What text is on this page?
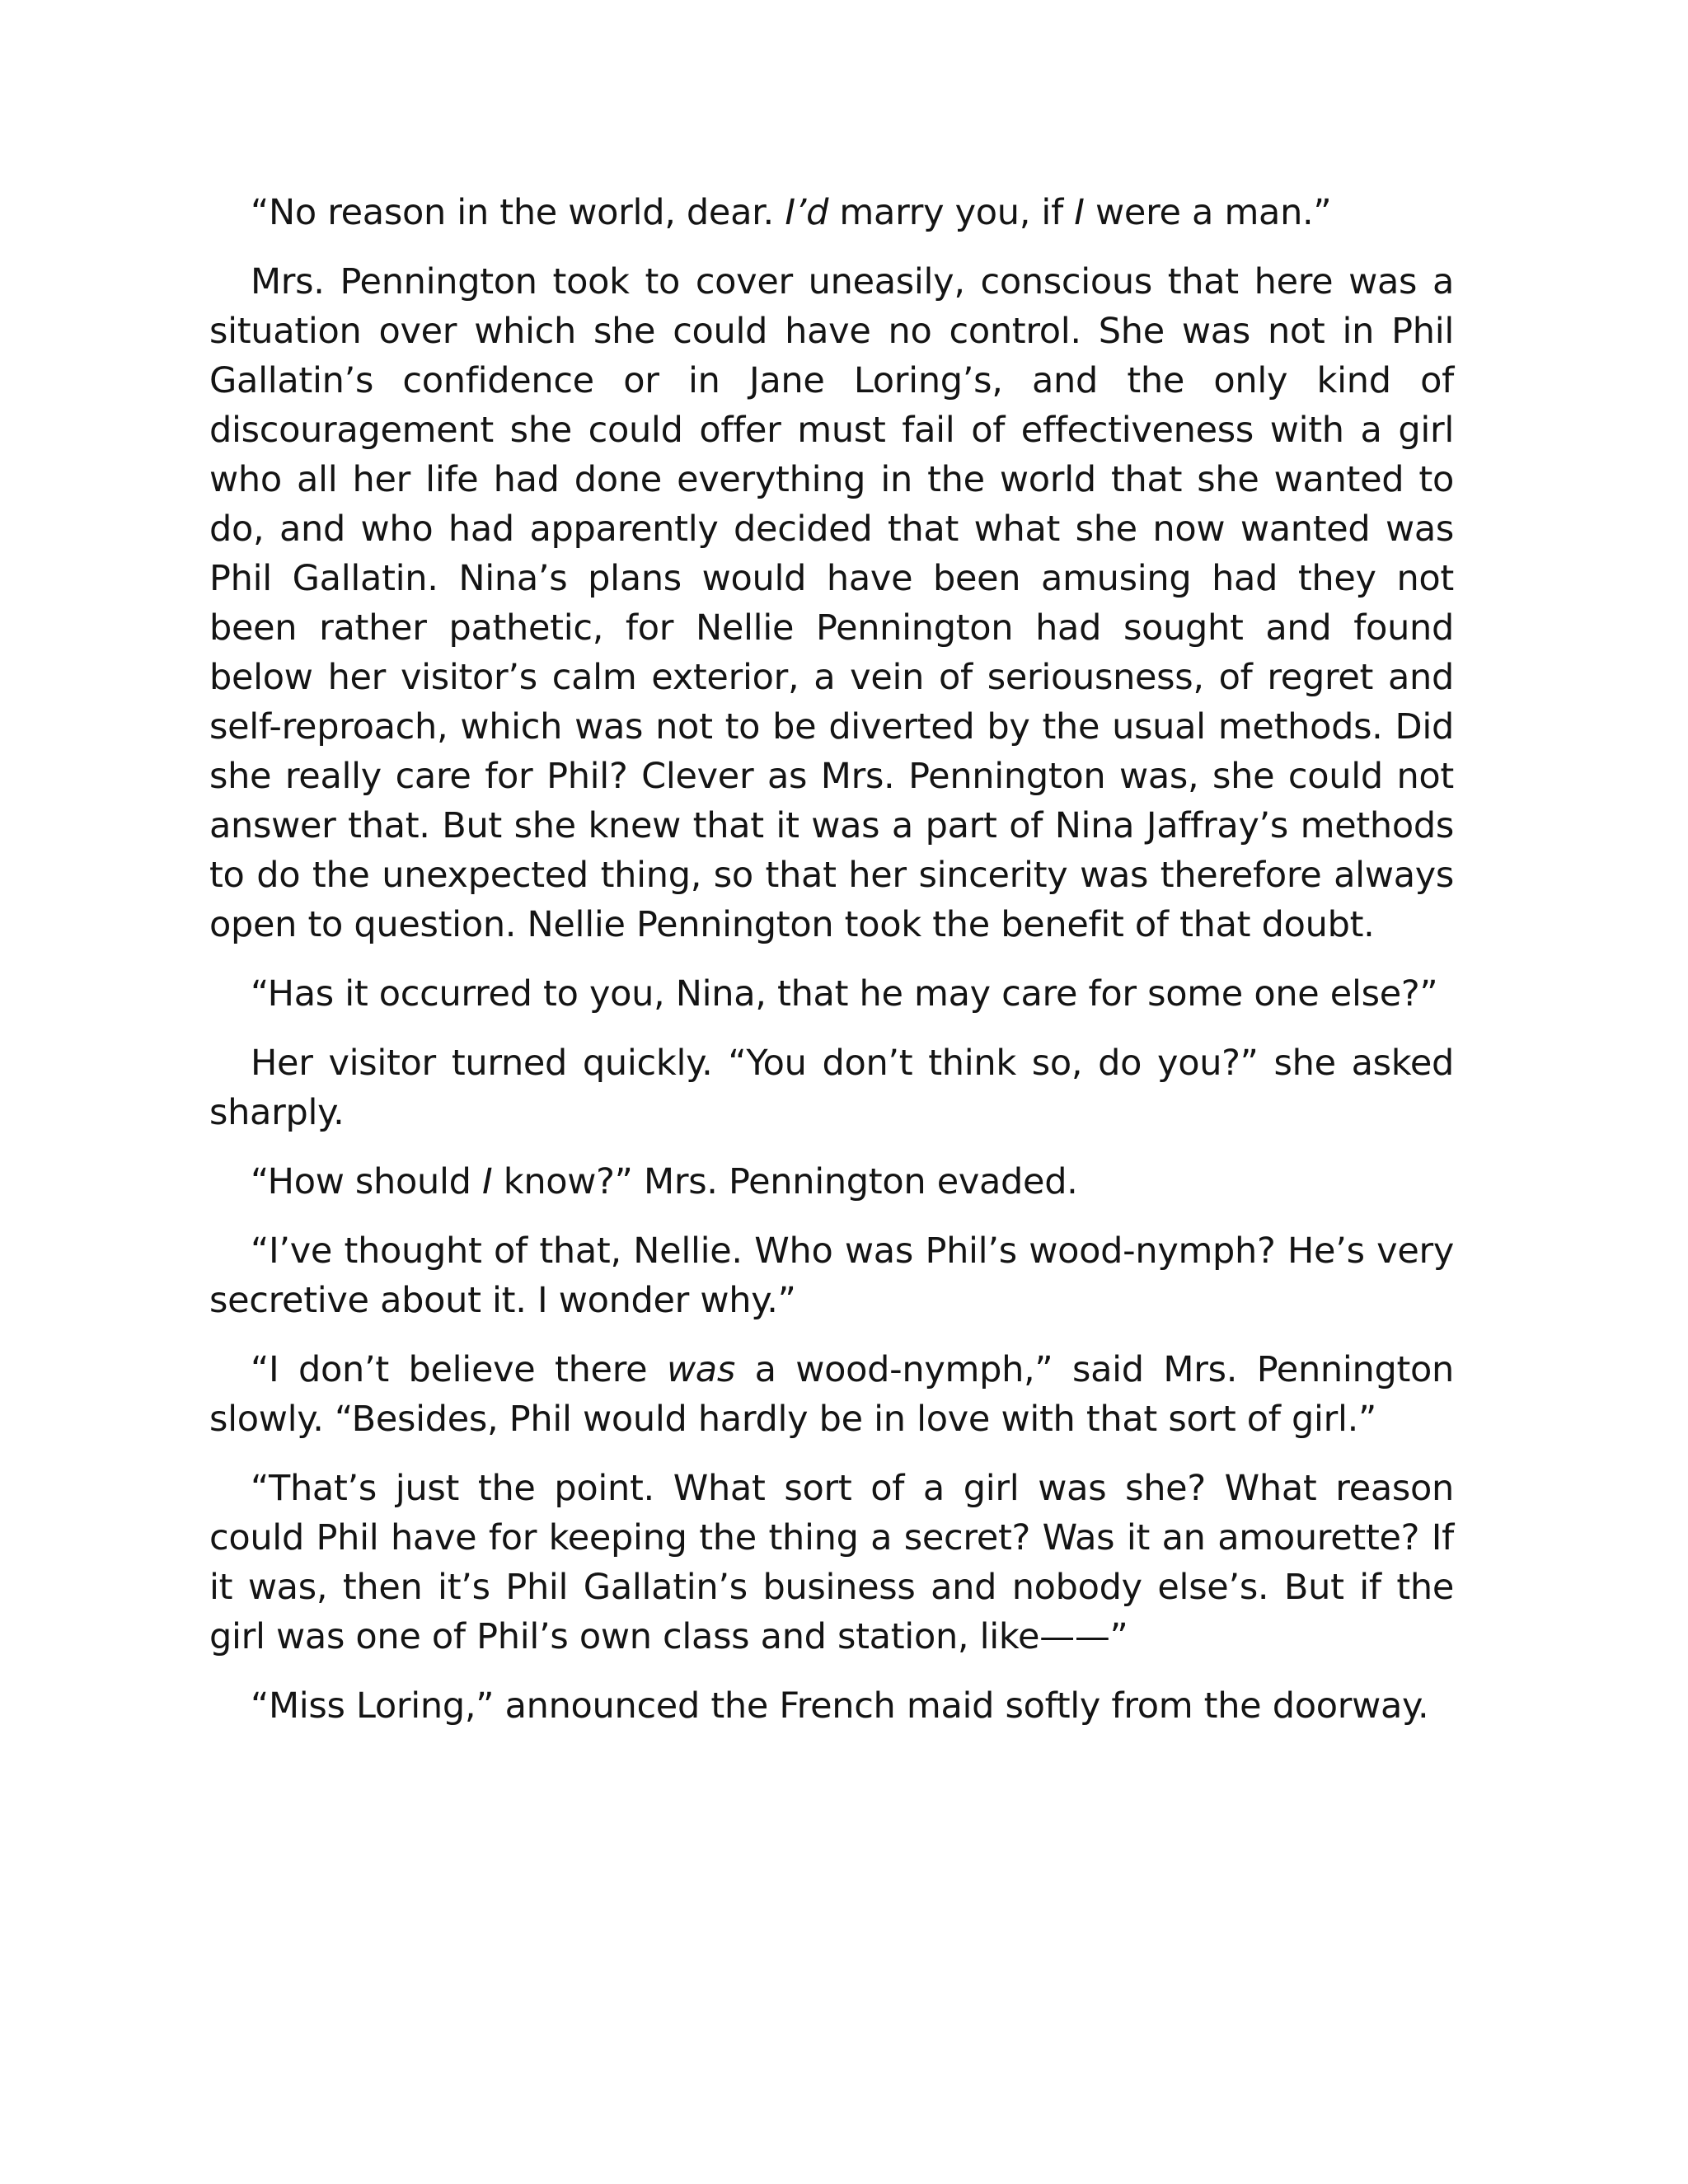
“No reason in the world, dear. I’d marry you, if I were a man.”

Mrs. Pennington took to cover uneasily, conscious that here was a situation over which she could have no control. She was not in Phil Gallatin’s confidence or in Jane Loring’s, and the only kind of discouragement she could offer must fail of effectiveness with a girl who all her life had done everything in the world that she wanted to do, and who had apparently decided that what she now wanted was Phil Gallatin. Nina’s plans would have been amusing had they not been rather pathetic, for Nellie Pennington had sought and found below her visitor’s calm exterior, a vein of seriousness, of regret and self-reproach, which was not to be diverted by the usual methods. Did she really care for Phil? Clever as Mrs. Pennington was, she could not answer that. But she knew that it was a part of Nina Jaffray’s methods to do the unexpected thing, so that her sincerity was therefore always open to question. Nellie Pennington took the benefit of that doubt.

“Has it occurred to you, Nina, that he may care for some one else?”

Her visitor turned quickly. “You don’t think so, do you?” she asked sharply.

“How should I know?” Mrs. Pennington evaded.

“I’ve thought of that, Nellie. Who was Phil’s wood-nymph? He’s very secretive about it. I wonder why.”

“I don’t believe there was a wood-nymph,” said Mrs. Pennington slowly. “Besides, Phil would hardly be in love with that sort of girl.”

“That’s just the point. What sort of a girl was she? What reason could Phil have for keeping the thing a secret? Was it an amourette? If it was, then it’s Phil Gallatin’s business and nobody else’s. But if the girl was one of Phil’s own class and station, like——”

“Miss Loring,” announced the French maid softly from the doorway.
